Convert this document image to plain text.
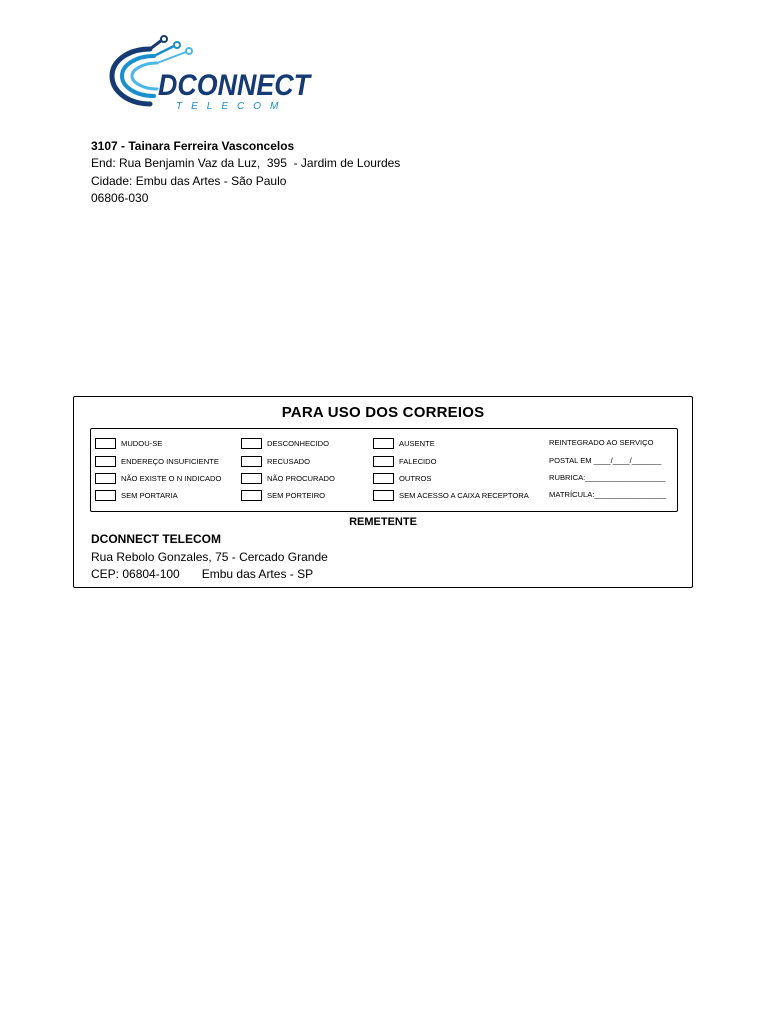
DCONNECT
TELECOM
3107 - Tainara Ferreira Vasconcelos
End: Rua Benjamin Vaz da Luz,  395  - Jardim de Lourdes
Cidade: Embu das Artes - São Paulo
06806-030
PARA USO DOS CORREIOS
MUDOU-SE
ENDEREÇO INSUFICIENTE
NÃO EXISTE O N INDICADO
SEM PORTARIA
DESCONHECIDO
RECUSADO
NÃO PROCURADO
SEM PORTEIRO
AUSENTE
FALECIDO
OUTROS
SEM ACESSO A CAIXA RECEPTORA
REINTEGRADO AO SERVIÇO
POSTAL EM ____/____/_______
RUBRICA:___________________
MATRÍCULA:_________________
REMETENTE
DCONNECT TELECOM
Rua Rebolo Gonzales, 75 - Cercado Grande
CEP: 06804-100 Embu das Artes - SP
